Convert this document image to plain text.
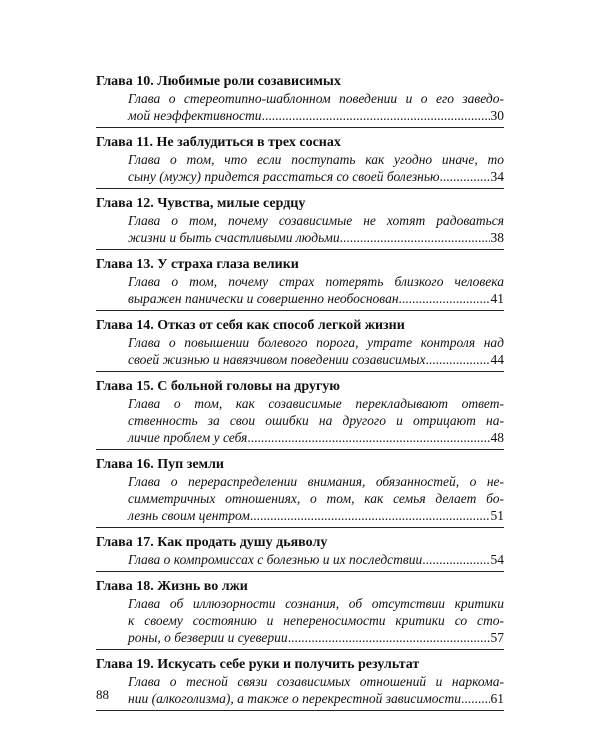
Глава 10. Любимые роли созависимых
Глава о стереотипно-шаблонном поведении и о его заведо-
мой неэффективности .....	30
Глава 11. Не заблудиться в трех соснах
Глава о том, что если поступать как угодно иначе, то
сыну (мужу) придется расстаться со своей болезнью .....	34
Глава 12. Чувства, милые сердцу
Глава о том, почему созависимые не хотят радоваться
жизни и быть счастливыми людьми .....	38
Глава 13. У страха глаза велики
Глава о том, почему страх потерять близкого человека
выражен панически и совершенно необоснован .....	41
Глава 14. Отказ от себя как способ легкой жизни
Глава о повышении болевого порога, утрате контроля над
своей жизнью и навязчивом поведении созависимых .....	44
Глава 15. С больной головы на другую
Глава о том, как созависимые перекладывают ответ-
ственность за свои ошибки на другого и отрицают на-
личие проблем у себя .....	48
Глава 16. Пуп земли
Глава о перераспределении внимания, обязанностей, о не-
симметричных отношениях, о том, как семья делает бо-
лезнь своим центром .....	51
Глава 17. Как продать душу дьяволу
Глава о компромиссах с болезнью и их последствии .....	54
Глава 18. Жизнь во лжи
Глава об иллюзорности сознания, об отсутствии критики
к своему состоянию и непереносимости критики со сто-
роны, о безверии и суеверии .....	57
Глава 19. Искусать себе руки и получить результат
Глава о тесной связи созависимых отношений и наркома-
нии (алкоголизма), а также о перекрестной зависимости ..... 61
88
